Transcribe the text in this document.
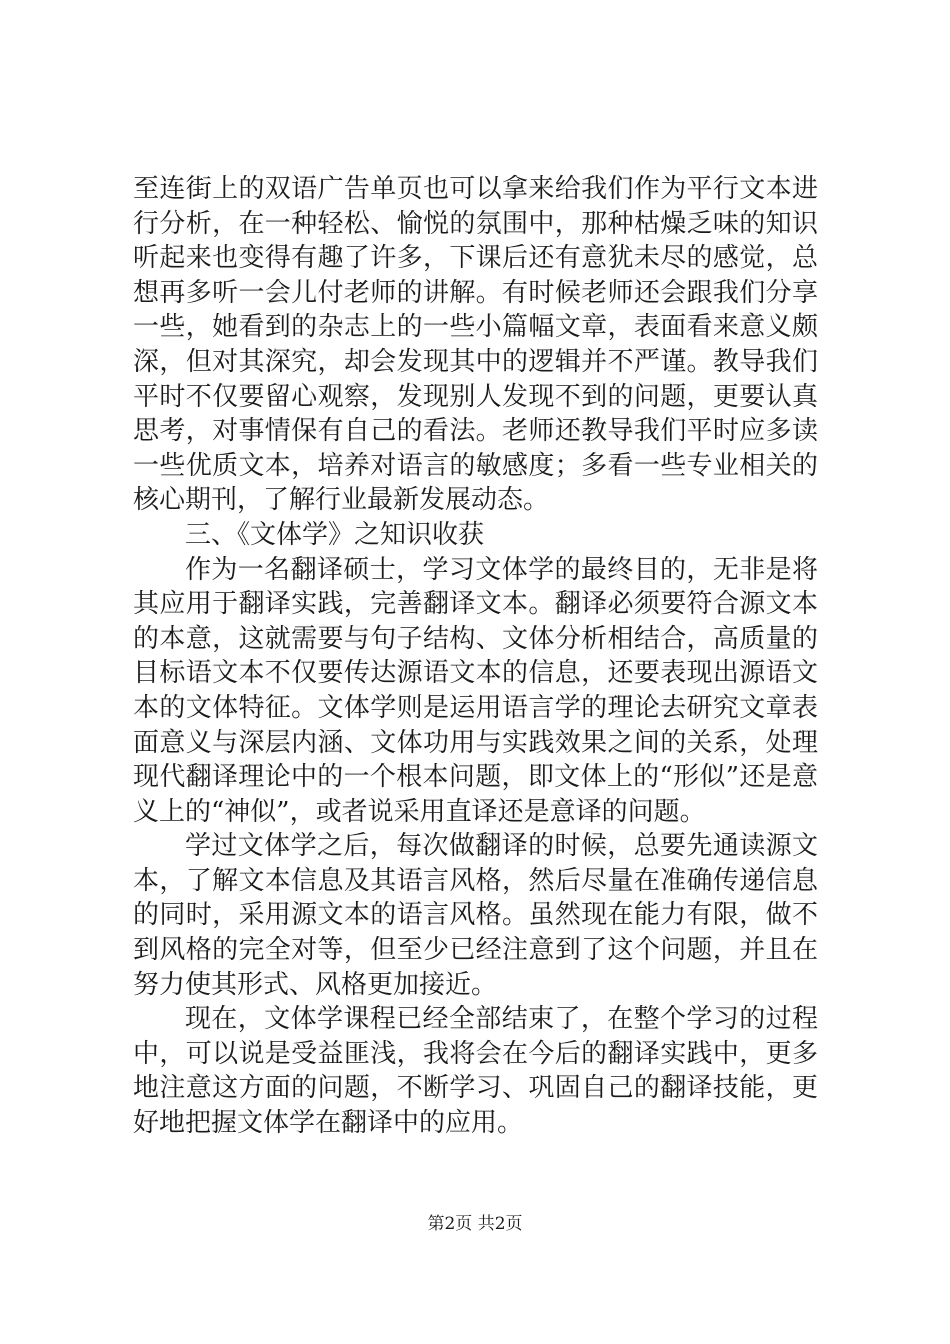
至连街上的双语广告单页也可以拿来给我们作为平行文本进行分析，在一种轻松、愉悦的氛围中，那种枯燥乏味的知识听起来也变得有趣了许多，下课后还有意犹未尽的感觉，总想再多听一会儿付老师的讲解。有时候老师还会跟我们分享一些，她看到的杂志上的一些小篇幅文章，表面看来意义颇深，但对其深究，却会发现其中的逻辑并不严谨。教导我们平时不仅要留心观察，发现别人发现不到的问题，更要认真思考，对事情保有自己的看法。老师还教导我们平时应多读一些优质文本，培养对语言的敏感度；多看一些专业相关的核心期刊，了解行业最新发展动态。

三、《文体学》之知识收获

作为一名翻译硕士，学习文体学的最终目的，无非是将其应用于翻译实践，完善翻译文本。翻译必须要符合源文本的本意，这就需要与句子结构、文体分析相结合，高质量的目标语文本不仅要传达源语文本的信息，还要表现出源语文本的文体特征。文体学则是运用语言学的理论去研究文章表面意义与深层内涵、文体功用与实践效果之间的关系，处理现代翻译理论中的一个根本问题，即文体上的“形似”还是意义上的“神似”，或者说采用直译还是意译的问题。

学过文体学之后，每次做翻译的时候，总要先通读源文本，了解文本信息及其语言风格，然后尽量在准确传递信息的同时，采用源文本的语言风格。虽然现在能力有限，做不到风格的完全对等，但至少已经注意到了这个问题，并且在努力使其形式、风格更加接近。

现在，文体学课程已经全部结束了，在整个学习的过程中，可以说是受益匪浅，我将会在今后的翻译实践中，更多地注意这方面的问题，不断学习、巩固自己的翻译技能，更好地把握文体学在翻译中的应用。

第2页 共2页
